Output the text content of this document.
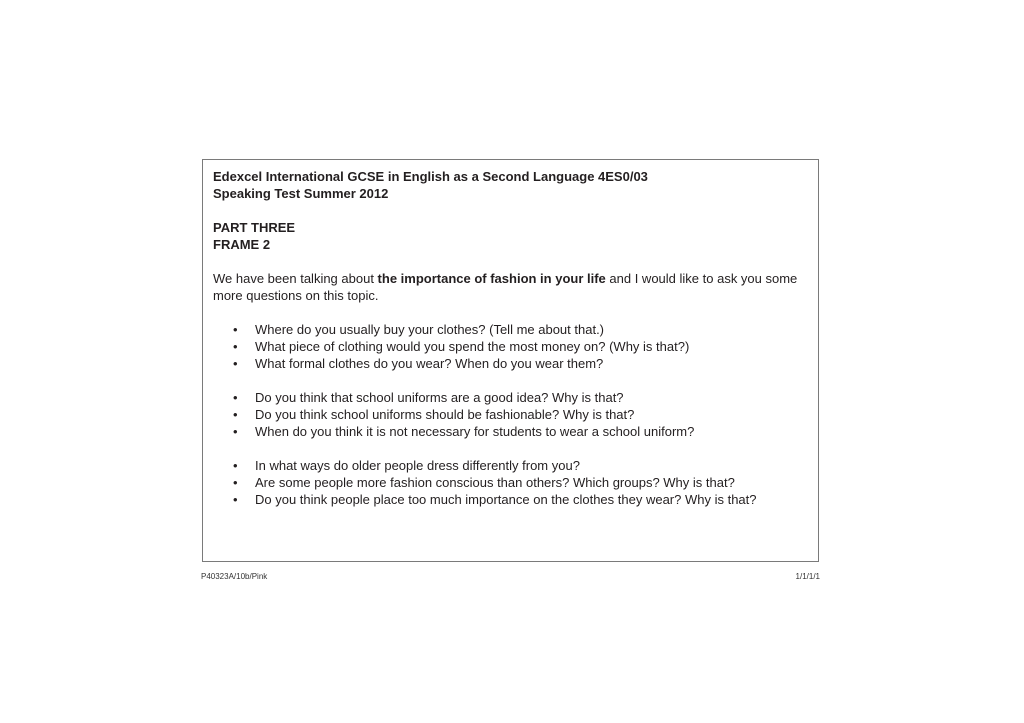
Edexcel International GCSE in English as a Second Language 4ES0/03
Speaking Test Summer 2012
PART THREE
FRAME 2

We have been talking about the importance of fashion in your life and I would like to ask you some more questions on this topic.

• Where do you usually buy your clothes? (Tell me about that.)
• What piece of clothing would you spend the most money on? (Why is that?)
• What formal clothes do you wear? When do you wear them?
• Do you think that school uniforms are a good idea? Why is that?
• Do you think school uniforms should be fashionable? Why is that?
• When do you think it is not necessary for students to wear a school uniform?
• In what ways do older people dress differently from you?
• Are some people more fashion conscious than others? Which groups? Why is that?
• Do you think people place too much importance on the clothes they wear? Why is that?
P40323A/10b/Pink	1/1/1/1
